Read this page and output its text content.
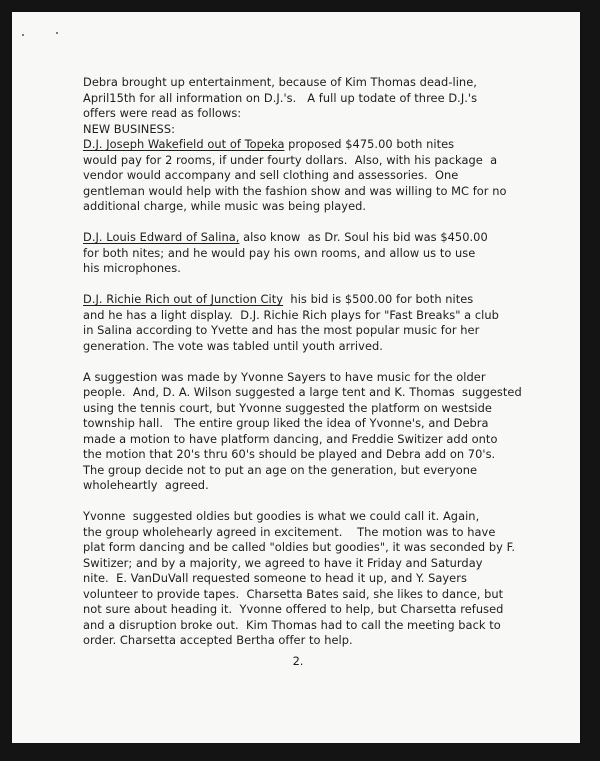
Debra brought up entertainment, because of Kim Thomas dead-line,

April15th for all information on D.J.'s.   A full up todate of three D.J.'s

offers were read as follows:

NEW BUSINESS:

D.J. Joseph Wakefield out of Topeka proposed $475.00 both nites

would pay for 2 rooms, if under fourty dollars.  Also, with his package  a

vendor would accompany and sell clothing and assessories.  One

gentleman would help with the fashion show and was willing to MC for no

additional charge, while music was being played.

D.J. Louis Edward of Salina, also know  as Dr. Soul his bid was $450.00

for both nites; and he would pay his own rooms, and allow us to use

his microphones.

D.J. Richie Rich out of Junction City  his bid is $500.00 for both nites

and he has a light display.  D.J. Richie Rich plays for "Fast Breaks" a club

in Salina according to Yvette and has the most popular music for her

generation. The vote was tabled until youth arrived.

A suggestion was made by Yvonne Sayers to have music for the older

people.  And, D. A. Wilson suggested a large tent and K. Thomas  suggested

using the tennis court, but Yvonne suggested the platform on westside

township hall.   The entire group liked the idea of Yvonne's, and Debra

made a motion to have platform dancing, and Freddie Switizer add onto

the motion that 20's thru 60's should be played and Debra add on 70's.

The group decide not to put an age on the generation, but everyone

wholeheartly  agreed.

Yvonne  suggested oldies but goodies is what we could call it. Again,

the group wholehearly agreed in excitement.    The motion was to have

plat form dancing and be called "oldies but goodies", it was seconded by F.

Switizer; and by a majority, we agreed to have it Friday and Saturday

nite.  E. VanDuVall requested someone to head it up, and Y. Sayers

volunteer to provide tapes.  Charsetta Bates said, she likes to dance, but

not sure about heading it.  Yvonne offered to help, but Charsetta refused

and a disruption broke out.  Kim Thomas had to call the meeting back to

order. Charsetta accepted Bertha offer to help.

2.
